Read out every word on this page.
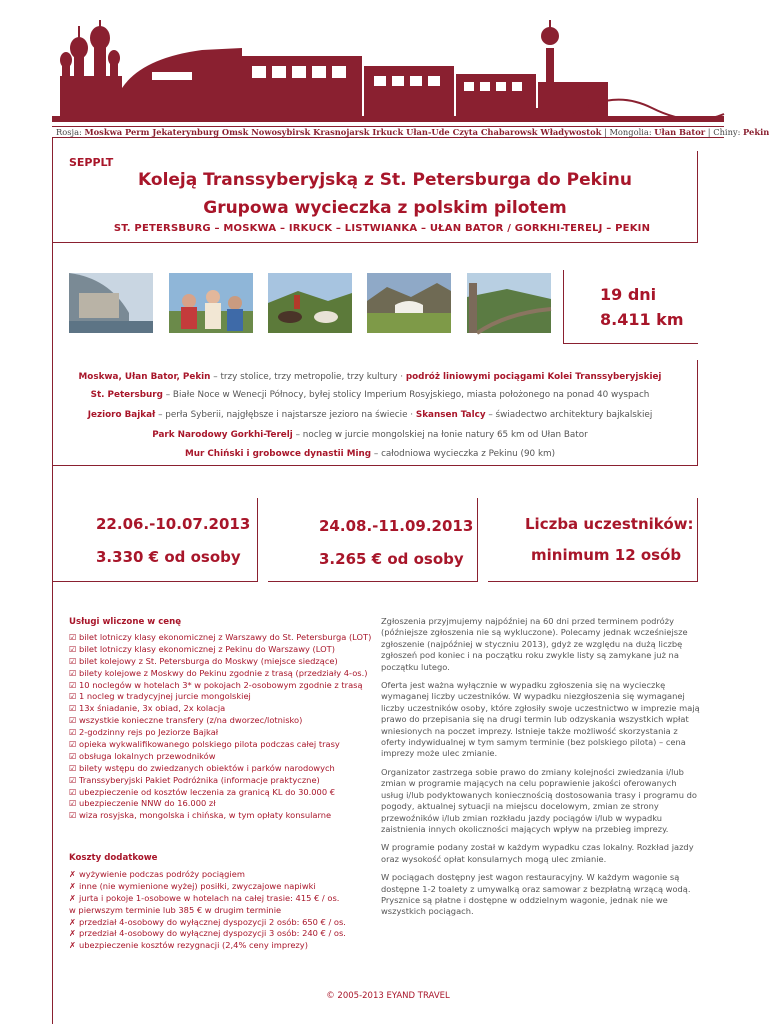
Rosja: Moskwa Perm Jekaterynburg Omsk Nowosybirsk Krasnojarsk Irkuck Ułan-Ude Czyta Chabarowsk Władywostok | Mongolia: Ułan Bator | Chiny: Pekin
SEPPLT
Koleją Transsyberyjską z St. Petersburga do Pekinu
Grupowa wycieczka z polskim pilotem
ST. PETERSBURG – MOSKWA – IRKUCK – LISTWIANKA – UŁAN BATOR / GORKHI-TERELJ – PEKIN
19 dni
8.411 km
Moskwa, Ułan Bator, Pekin – trzy stolice, trzy metropolie, trzy kultury · podróż liniowymi pociągami Kolei Transsyberyjskiej
St. Petersburg – Białe Noce w Wenecji Północy, byłej stolicy Imperium Rosyjskiego, miasta położonego na ponad 40 wyspach
Jezioro Bajkał – perła Syberii, najgłębsze i najstarsze jezioro na świecie · Skansen Talcy – świadectwo architektury bajkalskiej
Park Narodowy Gorkhi-Terelj – nocleg w jurcie mongolskiej na łonie natury 65 km od Ułan Bator
Mur Chiński i grobowce dynastii Ming – całodniowa wycieczka z Pekinu (90 km)
22.06.-10.07.2013
3.330 € od osoby
24.08.-11.09.2013
3.265 € od osoby
Liczba uczestników:
minimum 12 osób
Usługi wliczone w cenę
☑ bilet lotniczy klasy ekonomicznej z Warszawy do St. Petersburga (LOT)
☑ bilet lotniczy klasy ekonomicznej z Pekinu do Warszawy (LOT)
☑ bilet kolejowy z St. Petersburga do Moskwy (miejsce siedzące)
☑ bilety kolejowe z Moskwy do Pekinu zgodnie z trasą (przedziały 4-os.)
☑ 10 noclegów w hotelach 3* w pokojach 2-osobowym zgodnie z trasą
☑ 1 nocleg w tradycyjnej jurcie mongolskiej
☑ 13x śniadanie, 3x obiad, 2x kolacja
☑ wszystkie konieczne transfery (z/na dworzec/lotnisko)
☑ 2-godzinny rejs po Jeziorze Bajkał
☑ opieka wykwalifikowanego polskiego pilota podczas całej trasy
☑ obsługa lokalnych przewodników
☑ bilety wstępu do zwiedzanych obiektów i parków narodowych
☑ Transsyberyjski Pakiet Podróżnika (informacje praktyczne)
☑ ubezpieczenie od kosztów leczenia za granicą KL do 30.000 €
☑ ubezpieczenie NNW do 16.000 zł
☑ wiza rosyjska, mongolska i chińska, w tym opłaty konsularne
Koszty dodatkowe
✗ wyżywienie podczas podróży pociągiem
✗ inne (nie wymienione wyżej) posiłki, zwyczajowe napiwki
✗ jurta i pokoje 1-osobowe w hotelach na całej trasie: 415 € / os.
w pierwszym terminie lub 385 € w drugim terminie
✗ przedział 4-osobowy do wyłącznej dyspozycji 2 osób: 650 € / os.
✗ przedział 4-osobowy do wyłącznej dyspozycji 3 osób: 240 € / os.
✗ ubezpieczenie kosztów rezygnacji (2,4% ceny imprezy)

Zgłoszenia przyjmujemy najpóźniej na 60 dni przed terminem podróży (późniejsze zgłoszenia nie są wykluczone). Polecamy jednak wcześniejsze zgłoszenie (najpóźniej w styczniu 2013), gdyż ze względu na dużą liczbę zgłoszeń pod koniec i na początku roku zwykle listy są zamykane już na początku lutego.

Oferta jest ważna wyłącznie w wypadku zgłoszenia się na wycieczkę wymaganej liczby uczestników. W wypadku niezgłoszenia się wymaganej liczby uczestników osoby, które zgłosiły swoje uczestnictwo w imprezie mają prawo do przepisania się na drugi termin lub odzyskania wszystkich wpłat wniesionych na poczet imprezy. Istnieje także możliwość skorzystania z oferty indywidualnej w tym samym terminie (bez polskiego pilota) – cena imprezy może ulec zmianie.

Organizator zastrzega sobie prawo do zmiany kolejności zwiedzania i/lub zmian w programie mających na celu poprawienie jakości oferowanych usług i/lub podyktowanych koniecznością dostosowania trasy i programu do pogody, aktualnej sytuacji na miejscu docelowym, zmian ze strony przewoźników i/lub zmian rozkładu jazdy pociągów i/lub w wypadku zaistnienia innych okoliczności mających wpływ na przebieg imprezy.

W programie podany został w każdym wypadku czas lokalny. Rozkład jazdy oraz wysokość opłat konsularnych mogą ulec zmianie.

W pociągach dostępny jest wagon restauracyjny. W każdym wagonie są dostępne 1-2 toalety z umywalką oraz samowar z bezpłatną wrzącą wodą. Prysznice są płatne i dostępne w oddzielnym wagonie, jednak nie we wszystkich pociągach.

© 2005-2013 EYAND TRAVEL
